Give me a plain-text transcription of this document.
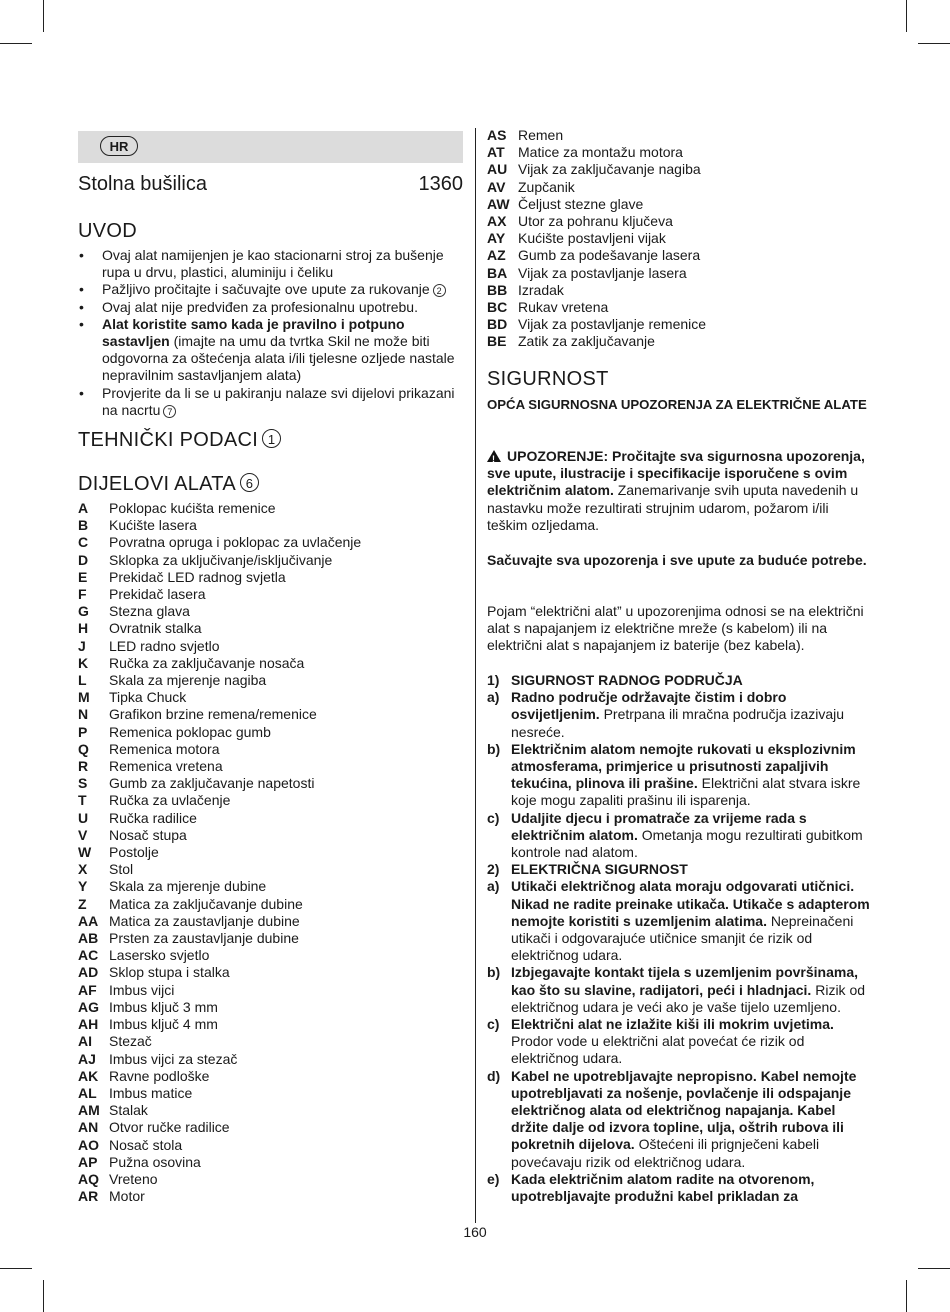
HR
Stolna bušilica	1360
UVOD
• Ovaj alat namijenjen je kao stacionarni stroj za bušenje rupa u drvu, plastici, aluminiju i čeliku
• Pažljivo pročitajte i sačuvajte ove upute za rukovanje 2
• Ovaj alat nije predviđen za profesionalnu upotrebu.
• Alat koristite samo kada je pravilno i potpuno sastavljen (imajte na umu da tvrtka Skil ne može biti odgovorna za oštećenja alata i/ili tjelesne ozljede nastale nepravilnim sastavljanjem alata)
• Provjerite da li se u pakiranju nalaze svi dijelovi prikazani na nacrtu 7
TEHNIČKI PODACI 1
DIJELOVI ALATA 6
A	Poklopac kućišta remenice
B	Kućište lasera
C	Povratna opruga i poklopac za uvlačenje
D	Sklopka za uključivanje/isključivanje
E	Prekidač LED radnog svjetla
F	Prekidač lasera
G	Stezna glava
H	Ovratnik stalka
J	LED radno svjetlo
K	Ručka za zaključavanje nosača
L	Skala za mjerenje nagiba
M	Tipka Chuck
N	Grafikon brzine remena/remenice
P	Remenica poklopac gumb
Q	Remenica motora
R	Remenica vretena
S	Gumb za zaključavanje napetosti
T	Ručka za uvlačenje
U	Ručka radilice
V	Nosač stupa
W	Postolje
X	Stol
Y	Skala za mjerenje dubine
Z	Matica za zaključavanje dubine
AA Matica za zaustavljanje dubine
AB Prsten za zaustavljanje dubine
AC Lasersko svjetlo
AD Sklop stupa i stalka
AF Imbus vijci
AG Imbus ključ 3 mm
AH Imbus ključ 4 mm
AI	Stezač
AJ Imbus vijci za stezač
AK Ravne podloške
AL Imbus matice
AM Stalak
AN Otvor ručke radilice
AO Nosač stola
AP Pužna osovina
AQ Vreteno
AR Motor
AS Remen
AT Matice za montažu motora
AU Vijak za zaključavanje nagiba
AV Zupčanik
AW Čeljust stezne glave
AX Utor za pohranu ključeva
AY Kućište postavljeni vijak
AZ Gumb za podešavanje lasera
BA Vijak za postavljanje lasera
BB Izradak
BC Rukav vretena
BD Vijak za postavljanje remenice
BE Zatik za zaključavanje
SIGURNOST
OPĆA SIGURNOSNA UPOZORENJA ZA ELEKTRIČNE ALATE
!UPOZORENJE: Pročitajte sva sigurnosna upozorenja, sve upute, ilustracije i specifikacije isporučene s ovim električnim alatom. Zanemarivanje svih uputa navedenih u nastavku može rezultirati strujnim udarom, požarom i/ili teškim ozljedama.
Sačuvajte sva upozorenja i sve upute za buduće potrebe.
Pojam “električni alat” u upozorenjima odnosi se na električni alat s napajanjem iz električne mreže (s kabelom) ili na električni alat s napajanjem iz baterije (bez kabela).
1) SIGURNOST RADNOG PODRUČJA
a) Radno područje održavajte čistim i dobro osvijetljenim. Pretrpana ili mračna područja izazivaju nesreće.
b) Električnim alatom nemojte rukovati u eksplozivnim atmosferama, primjerice u prisutnosti zapaljivih tekućina, plinova ili prašine. Električni alat stvara iskre koje mogu zapaliti prašinu ili isparenja.
c) Udaljite djecu i promatrače za vrijeme rada s električnim alatom. Ometanja mogu rezultirati gubitkom kontrole nad alatom.
2) ELEKTRIČNA SIGURNOST
a) Utikači električnog alata moraju odgovarati utičnici. Nikad ne radite preinake utikača. Utikače s adapterom nemojte koristiti s uzemljenim alatima. Nepreinačeni utikači i odgovarajuće utičnice smanjit će rizik od električnog udara.
b) Izbjegavajte kontakt tijela s uzemljenim površinama, kao što su slavine, radijatori, peći i hladnjaci. Rizik od električnog udara je veći ako je vaše tijelo uzemljeno.
c) Električni alat ne izlažite kiši ili mokrim uvjetima. Prodor vode u električni alat povećat će rizik od električnog udara.
d) Kabel ne upotrebljavajte nepropisno. Kabel nemojte upotrebljavati za nošenje, povlačenje ili odspajanje električnog alata od električnog napajanja. Kabel držite dalje od izvora topline, ulja, oštrih rubova ili pokretnih dijelova. Oštećeni ili prignječeni kabeli povećavaju rizik od električnog udara.
e) Kada električnim alatom radite na otvorenom, upotrebljavajte produžni kabel prikladan za
160
